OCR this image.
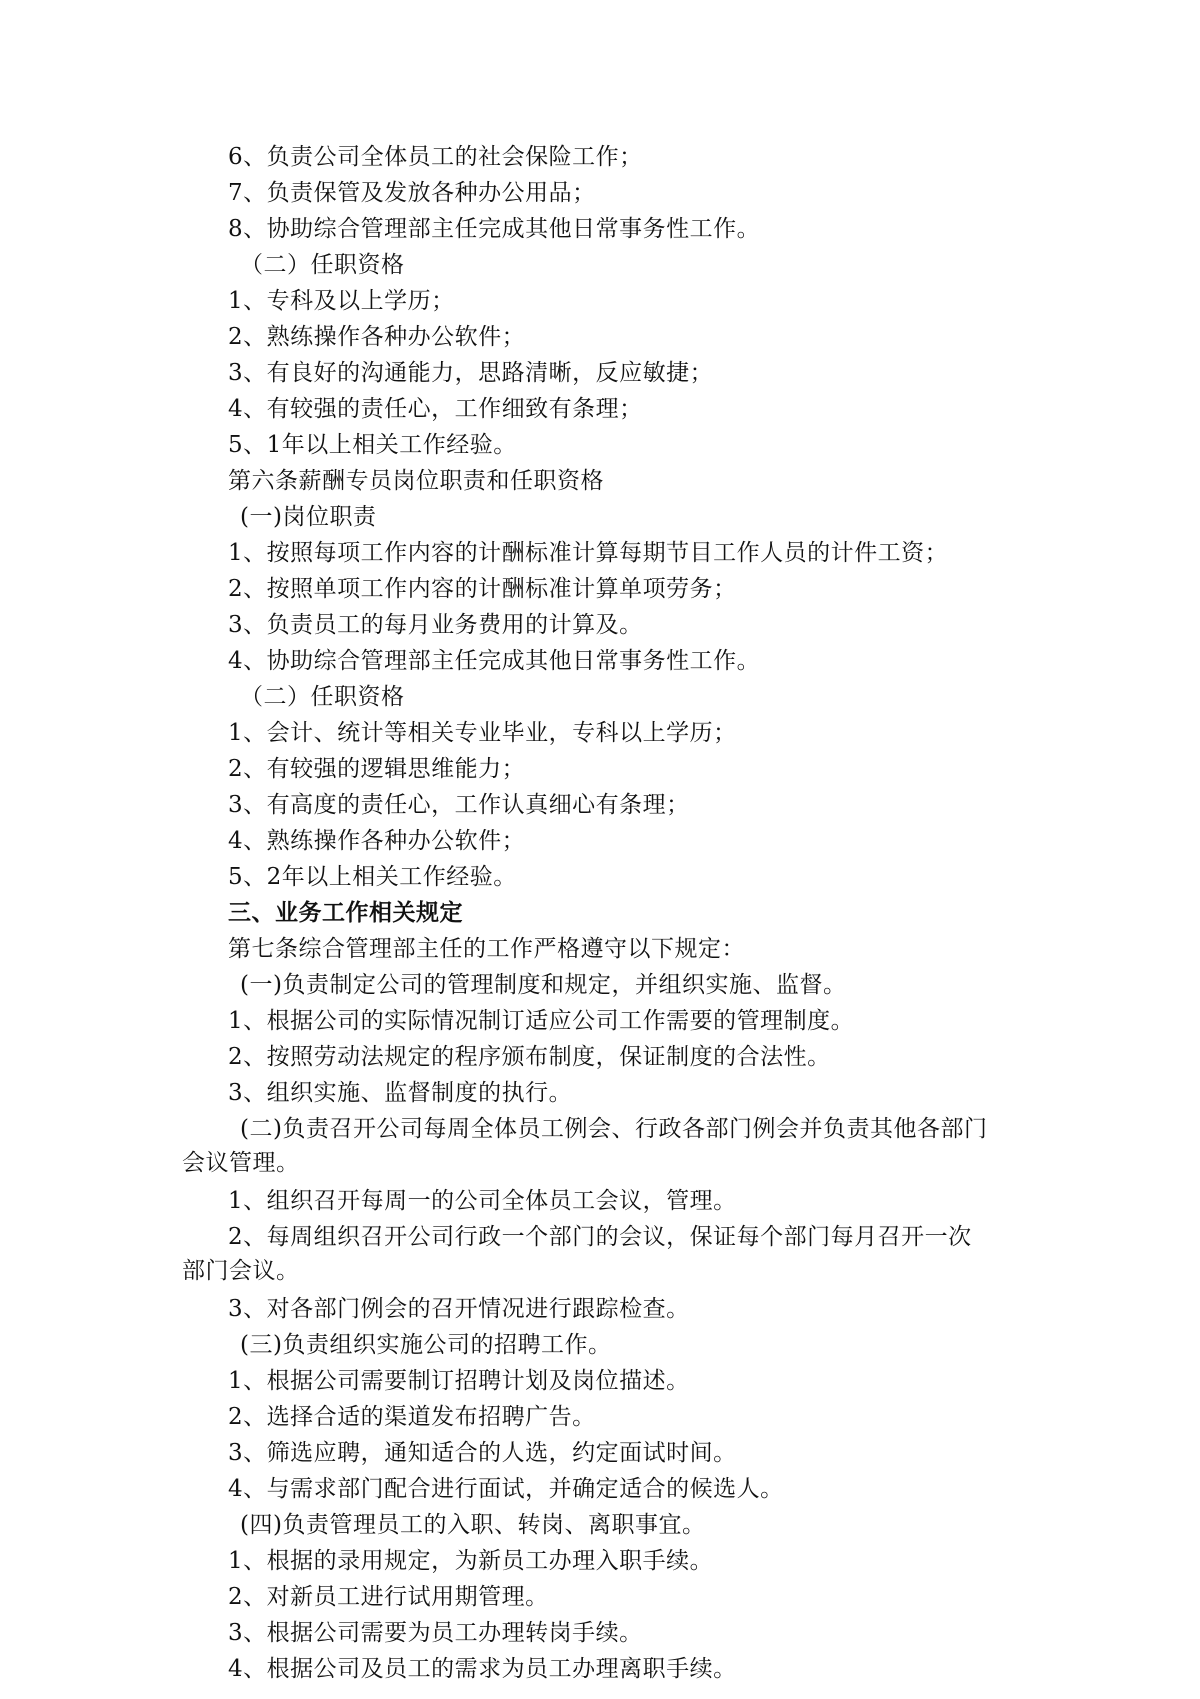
6、负责公司全体员工的社会保险工作；
7、负责保管及发放各种办公用品；
8、协助综合管理部主任完成其他日常事务性工作。
（二）任职资格
1、专科及以上学历；
2、熟练操作各种办公软件；
3、有良好的沟通能力，思路清晰，反应敏捷；
4、有较强的责任心，工作细致有条理；
5、1年以上相关工作经验。
第六条薪酬专员岗位职责和任职资格
(一)岗位职责
1、按照每项工作内容的计酬标准计算每期节目工作人员的计件工资；
2、按照单项工作内容的计酬标准计算单项劳务；
3、负责员工的每月业务费用的计算及。
4、协助综合管理部主任完成其他日常事务性工作。
（二）任职资格
1、会计、统计等相关专业毕业，专科以上学历；
2、有较强的逻辑思维能力；
3、有高度的责任心，工作认真细心有条理；
4、熟练操作各种办公软件；
5、2年以上相关工作经验。
三、业务工作相关规定
第七条综合管理部主任的工作严格遵守以下规定：
(一)负责制定公司的管理制度和规定，并组织实施、监督。
1、根据公司的实际情况制订适应公司工作需要的管理制度。
2、按照劳动法规定的程序颁布制度，保证制度的合法性。
3、组织实施、监督制度的执行。
(二)负责召开公司每周全体员工例会、行政各部门例会并负责其他各部门
会议管理。
1、组织召开每周一的公司全体员工会议，管理。
2、每周组织召开公司行政一个部门的会议，保证每个部门每月召开一次
部门会议。
3、对各部门例会的召开情况进行跟踪检查。
(三)负责组织实施公司的招聘工作。
1、根据公司需要制订招聘计划及岗位描述。
2、选择合适的渠道发布招聘广告。
3、筛选应聘，通知适合的人选，约定面试时间。
4、与需求部门配合进行面试，并确定适合的候选人。
(四)负责管理员工的入职、转岗、离职事宜。
1、根据的录用规定，为新员工办理入职手续。
2、对新员工进行试用期管理。
3、根据公司需要为员工办理转岗手续。
4、根据公司及员工的需求为员工办理离职手续。
